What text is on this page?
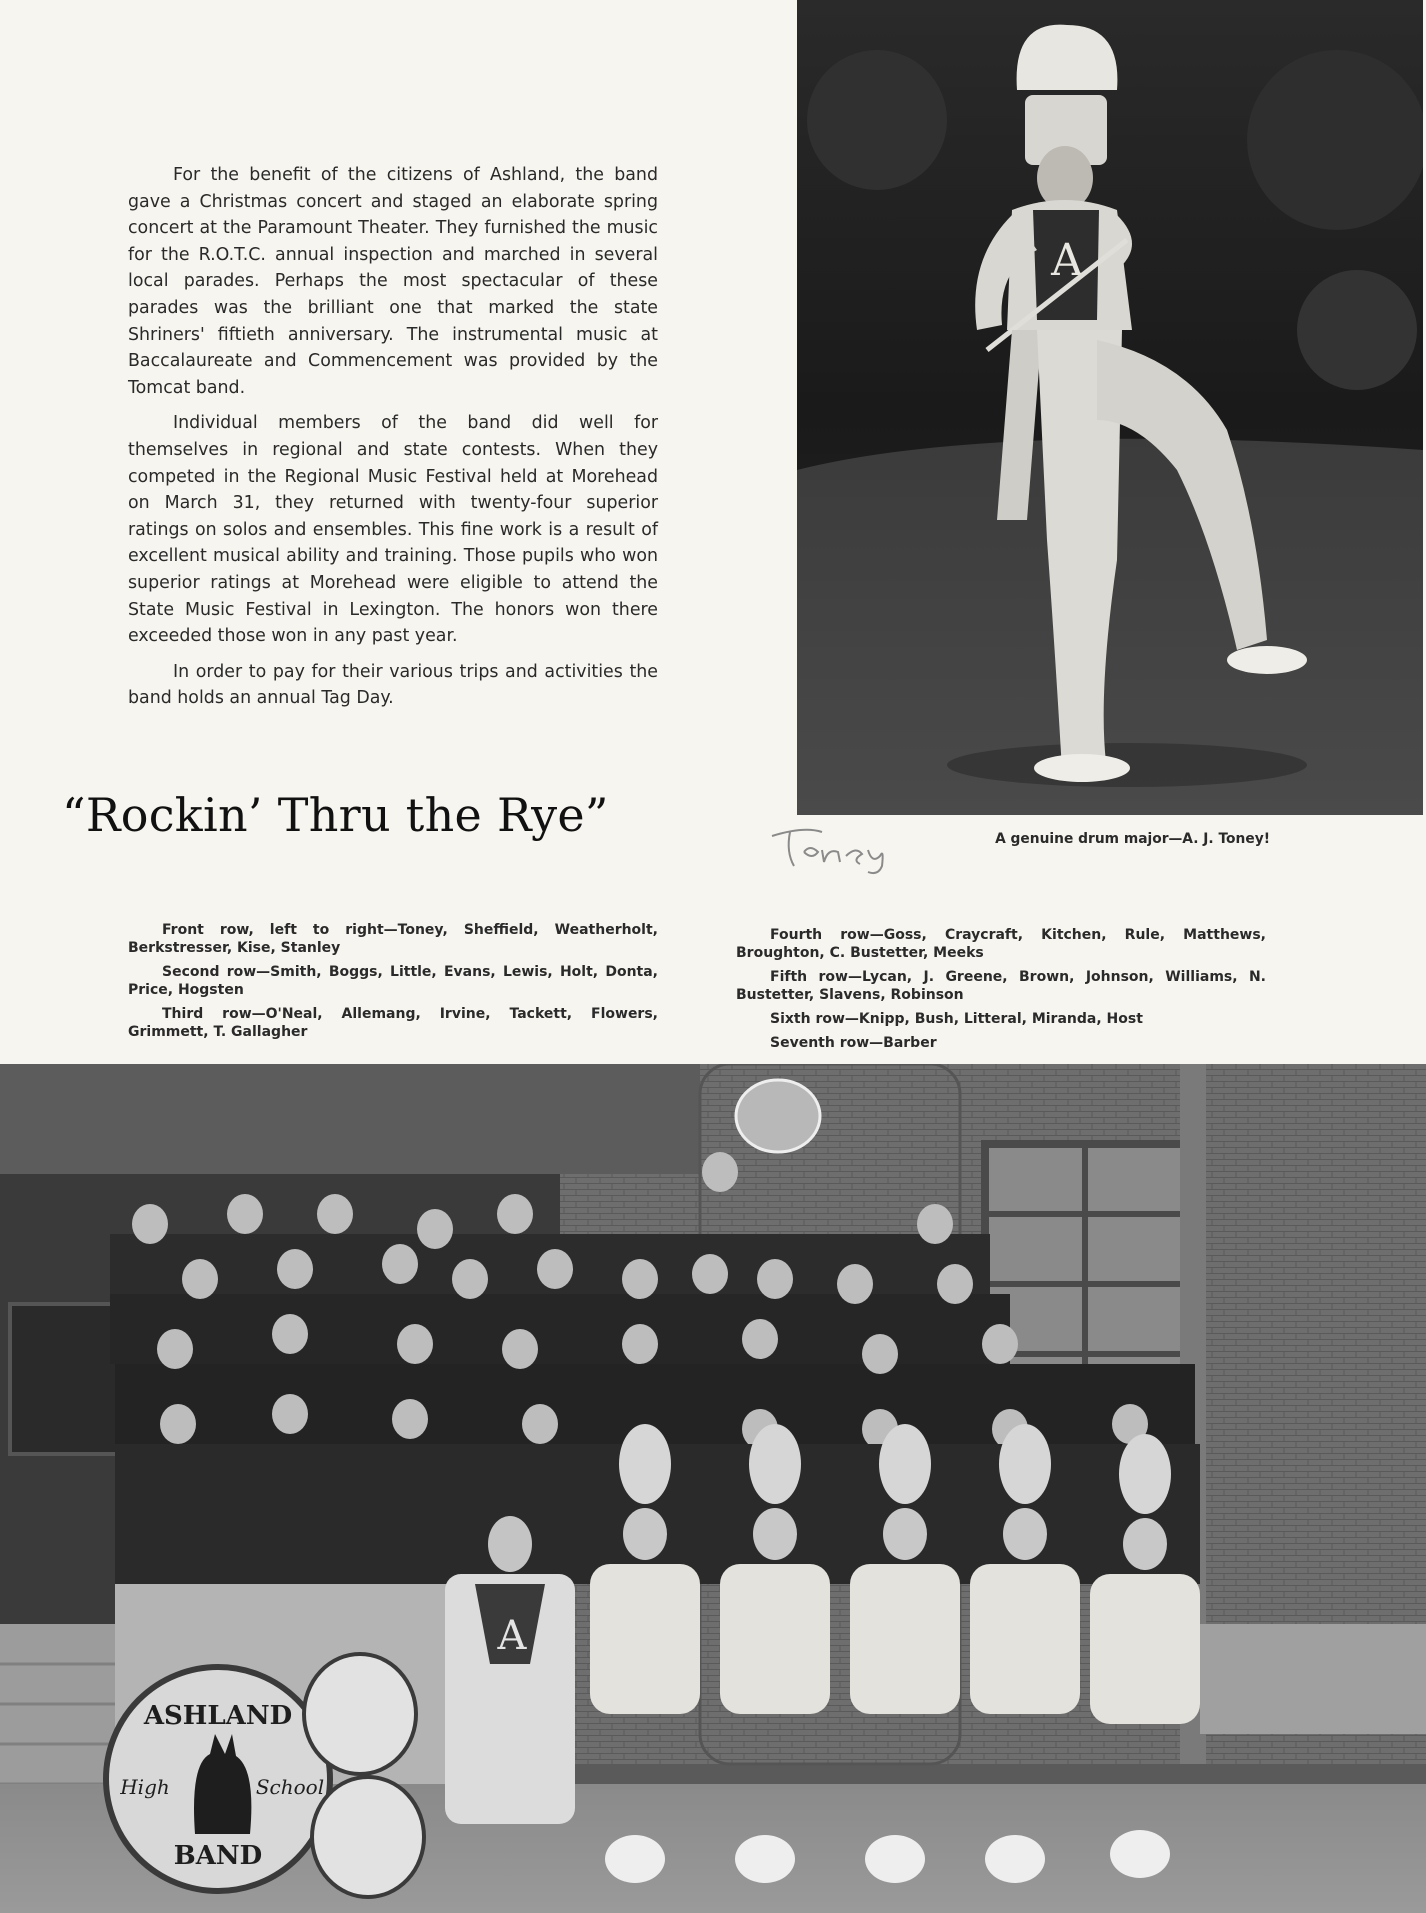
For the benefit of the citizens of Ashland, the band gave a Christmas concert and staged an elaborate spring concert at the Paramount Theater. They furnished the music for the R.O.T.C. annual inspection and marched in several local parades. Perhaps the most spectacular of these parades was the brilliant one that marked the state Shriners' fiftieth anniversary. The instrumental music at Baccalaureate and Commencement was provided by the Tomcat band.

Individual members of the band did well for themselves in regional and state contests. When they competed in the Regional Music Festival held at Morehead on March 31, they returned with twenty-four superior ratings on solos and ensembles. This fine work is a result of excellent musical ability and training. Those pupils who won superior ratings at Morehead were eligible to attend the State Music Festival in Lexington. The honors won there exceeded those won in any past year.

In order to pay for their various trips and activities the band holds an annual Tag Day.

A
A genuine drum major—A. J. Toney!
“Rockin’ Thru the Rye”

Front row, left to right—Toney, Sheffield, Weatherholt, Berkstresser, Kise, Stanley

Second row—Smith, Boggs, Little, Evans, Lewis, Holt, Donta, Price, Hogsten

Third row—O'Neal, Allemang, Irvine, Tackett, Flowers, Grimmett, T. Gallagher

Fourth row—Goss, Craycraft, Kitchen, Rule, Matthews, Broughton, C. Bustetter, Meeks

Fifth row—Lycan, J. Greene, Brown, Johnson, Williams, N. Bustetter, Slavens, Robinson

Sixth row—Knipp, Bush, Litteral, Miranda, Host

Seventh row—Barber

A
ASHLAND
High	School
BAND
